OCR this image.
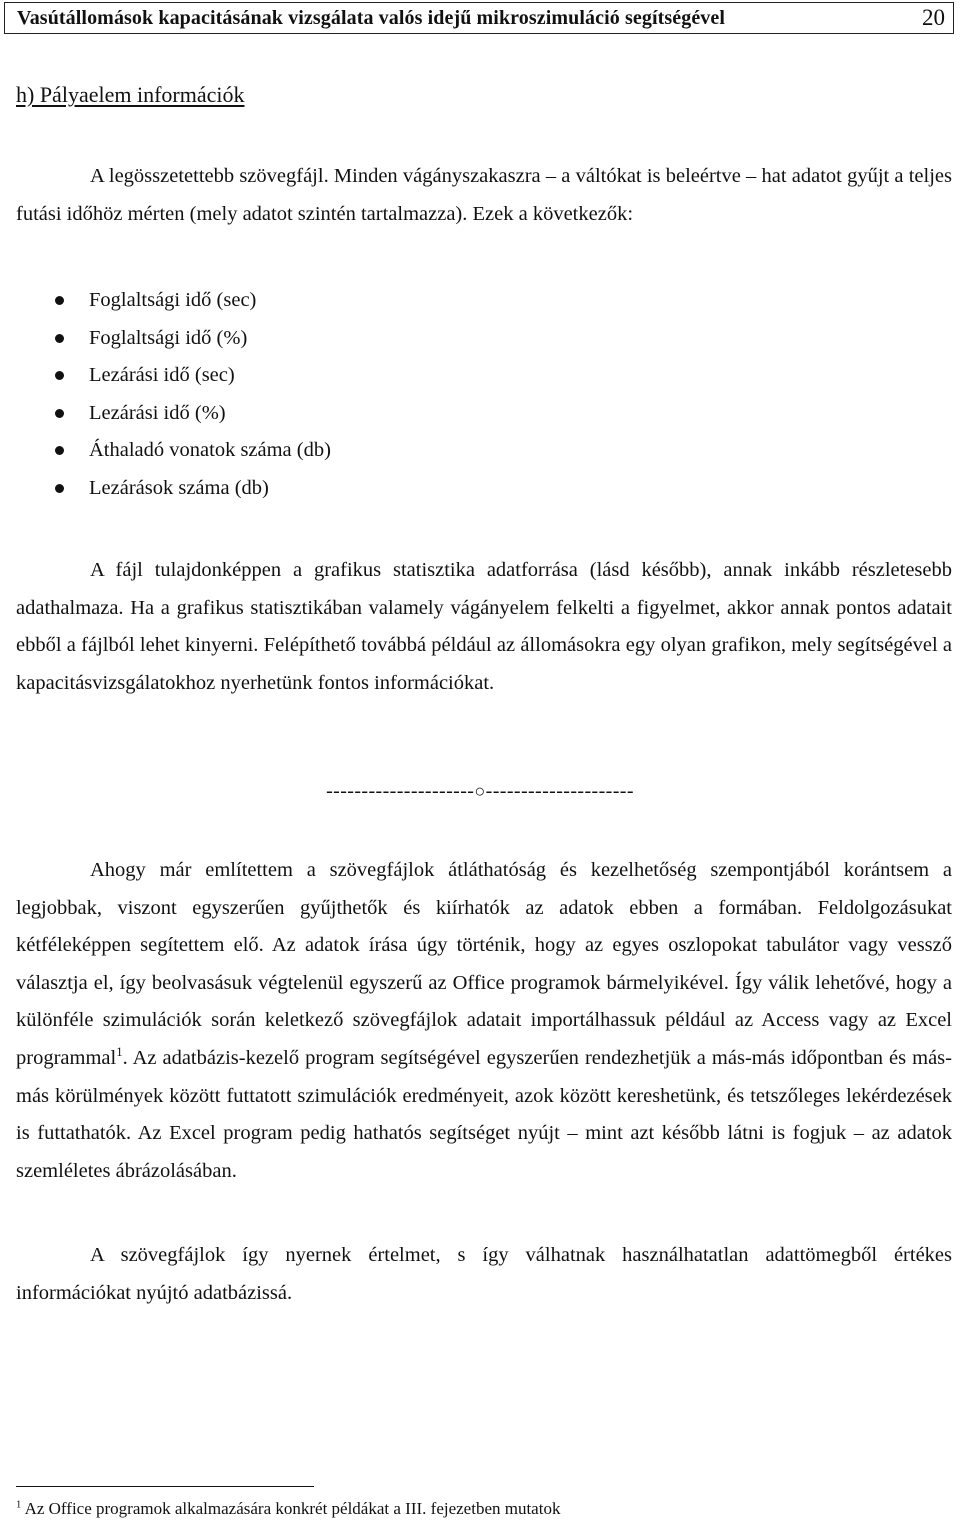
Vasútállomások kapacitásának vizsgálata valós idejű mikroszimuláció segítségével	20
h) Pályaelem információk

A legösszetettebb szövegfájl. Minden vágányszakaszra – a váltókat is beleértve – hat adatot gyűjt a teljes futási időhöz mérten (mely adatot szintén tartalmazza). Ezek a következők:

Foglaltsági idő (sec)
Foglaltsági idő (%)
Lezárási idő (sec)
Lezárási idő (%)
Áthaladó vonatok száma (db)
Lezárások száma (db)

A fájl tulajdonképpen a grafikus statisztika adatforrása (lásd később), annak inkább részletesebb adathalmaza. Ha a grafikus statisztikában valamely vágányelem felkelti a figyelmet, akkor annak pontos adatait ebből a fájlból lehet kinyerni. Felépíthető továbbá például az állomásokra egy olyan grafikon, mely segítségével a kapacitásvizsgálatokhoz nyerhetünk fontos információkat.

---------------------○---------------------

Ahogy már említettem a szövegfájlok átláthatóság és kezelhetőség szempontjából korántsem a legjobbak, viszont egyszerűen gyűjthetők és kiírhatók az adatok ebben a formában. Feldolgozásukat kétféleképpen segítettem elő. Az adatok írása úgy történik, hogy az egyes oszlopokat tabulátor vagy vessző választja el, így beolvasásuk végtelenül egyszerű az Office programok bármelyikével. Így válik lehetővé, hogy a különféle szimulációk során keletkező szövegfájlok adatait importálhassuk például az Access vagy az Excel programmal$^1$. Az adatbázis-kezelő program segítségével egyszerűen rendezhetjük a más-más időpontban és más-más körülmények között futtatott szimulációk eredményeit, azok között kereshetünk, és tetszőleges lekérdezések is futtathatók. Az Excel program pedig hathatós segítséget nyújt – mint azt később látni is fogjuk – az adatok szemléletes ábrázolásában.

A szövegfájlok így nyernek értelmet, s így válhatnak használhatatlan adattömegből értékes információkat nyújtó adatbázissá.

$^1$ Az Office programok alkalmazására konkrét példákat a III. fejezetben mutatok
